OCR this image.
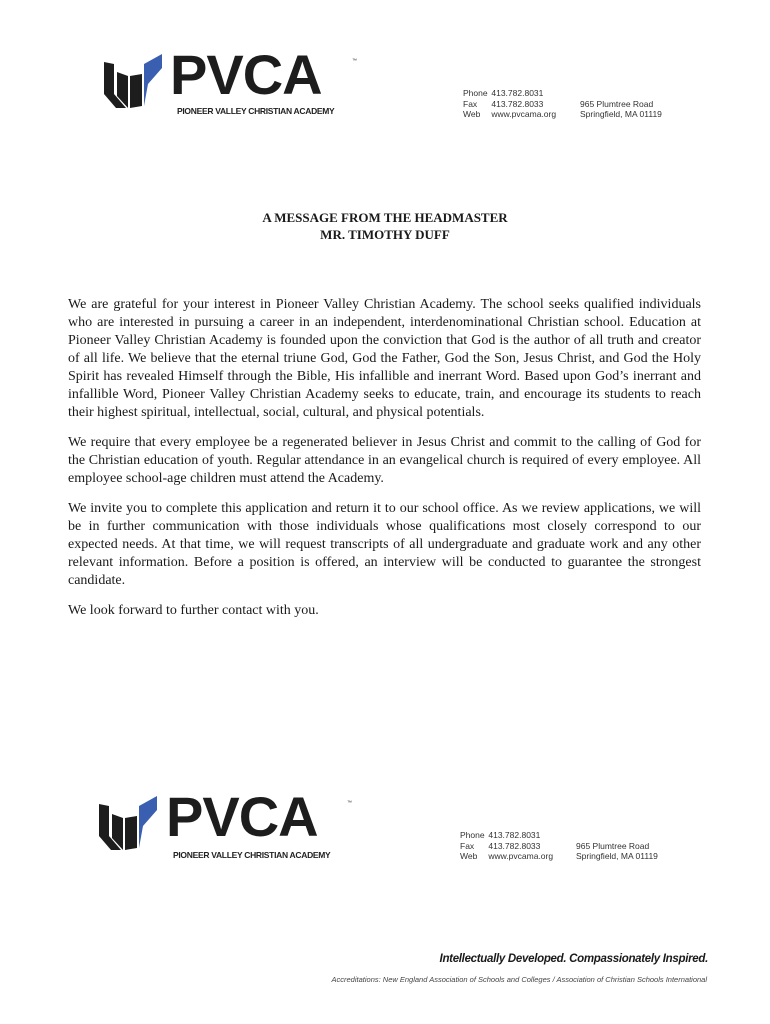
PVCA	™
PIONEER VALLEY CHRISTIAN ACADEMY
Phone 413.782.8031
Fax 413.782.8033
Web www.pvcama.org
965 Plumtree Road
Springfield, MA 01119
A MESSAGE FROM THE HEADMASTER
MR. TIMOTHY DUFF

We are grateful for your interest in Pioneer Valley Christian Academy. The school seeks qualified individuals who are interested in pursuing a career in an independent, interdenominational Christian school. Education at Pioneer Valley Christian Academy is founded upon the conviction that God is the author of all truth and creator of all life. We believe that the eternal triune God, God the Father, God the Son, Jesus Christ, and God the Holy Spirit has revealed Himself through the Bible, His infallible and inerrant Word. Based upon God’s inerrant and infallible Word, Pioneer Valley Christian Academy seeks to educate, train, and encourage its students to reach their highest spiritual, intellectual, social, cultural, and physical potentials.

We require that every employee be a regenerated believer in Jesus Christ and commit to the calling of God for the Christian education of youth. Regular attendance in an evangelical church is required of every employee. All employee school-age children must attend the Academy.

We invite you to complete this application and return it to our school office. As we review applications, we will be in further communication with those individuals whose qualifications most closely correspond to our expected needs. At that time, we will request transcripts of all undergraduate and graduate work and any other relevant information. Before a position is offered, an interview will be conducted to guarantee the strongest candidate.

We look forward to further contact with you.

PVCA	™
PIONEER VALLEY CHRISTIAN ACADEMY
Phone 413.782.8031
Fax 413.782.8033
Web www.pvcama.org
965 Plumtree Road
Springfield, MA 01119
Intellectually Developed. Compassionately Inspired.
Accreditations: New England Association of Schools and Colleges / Association of Christian Schools International
